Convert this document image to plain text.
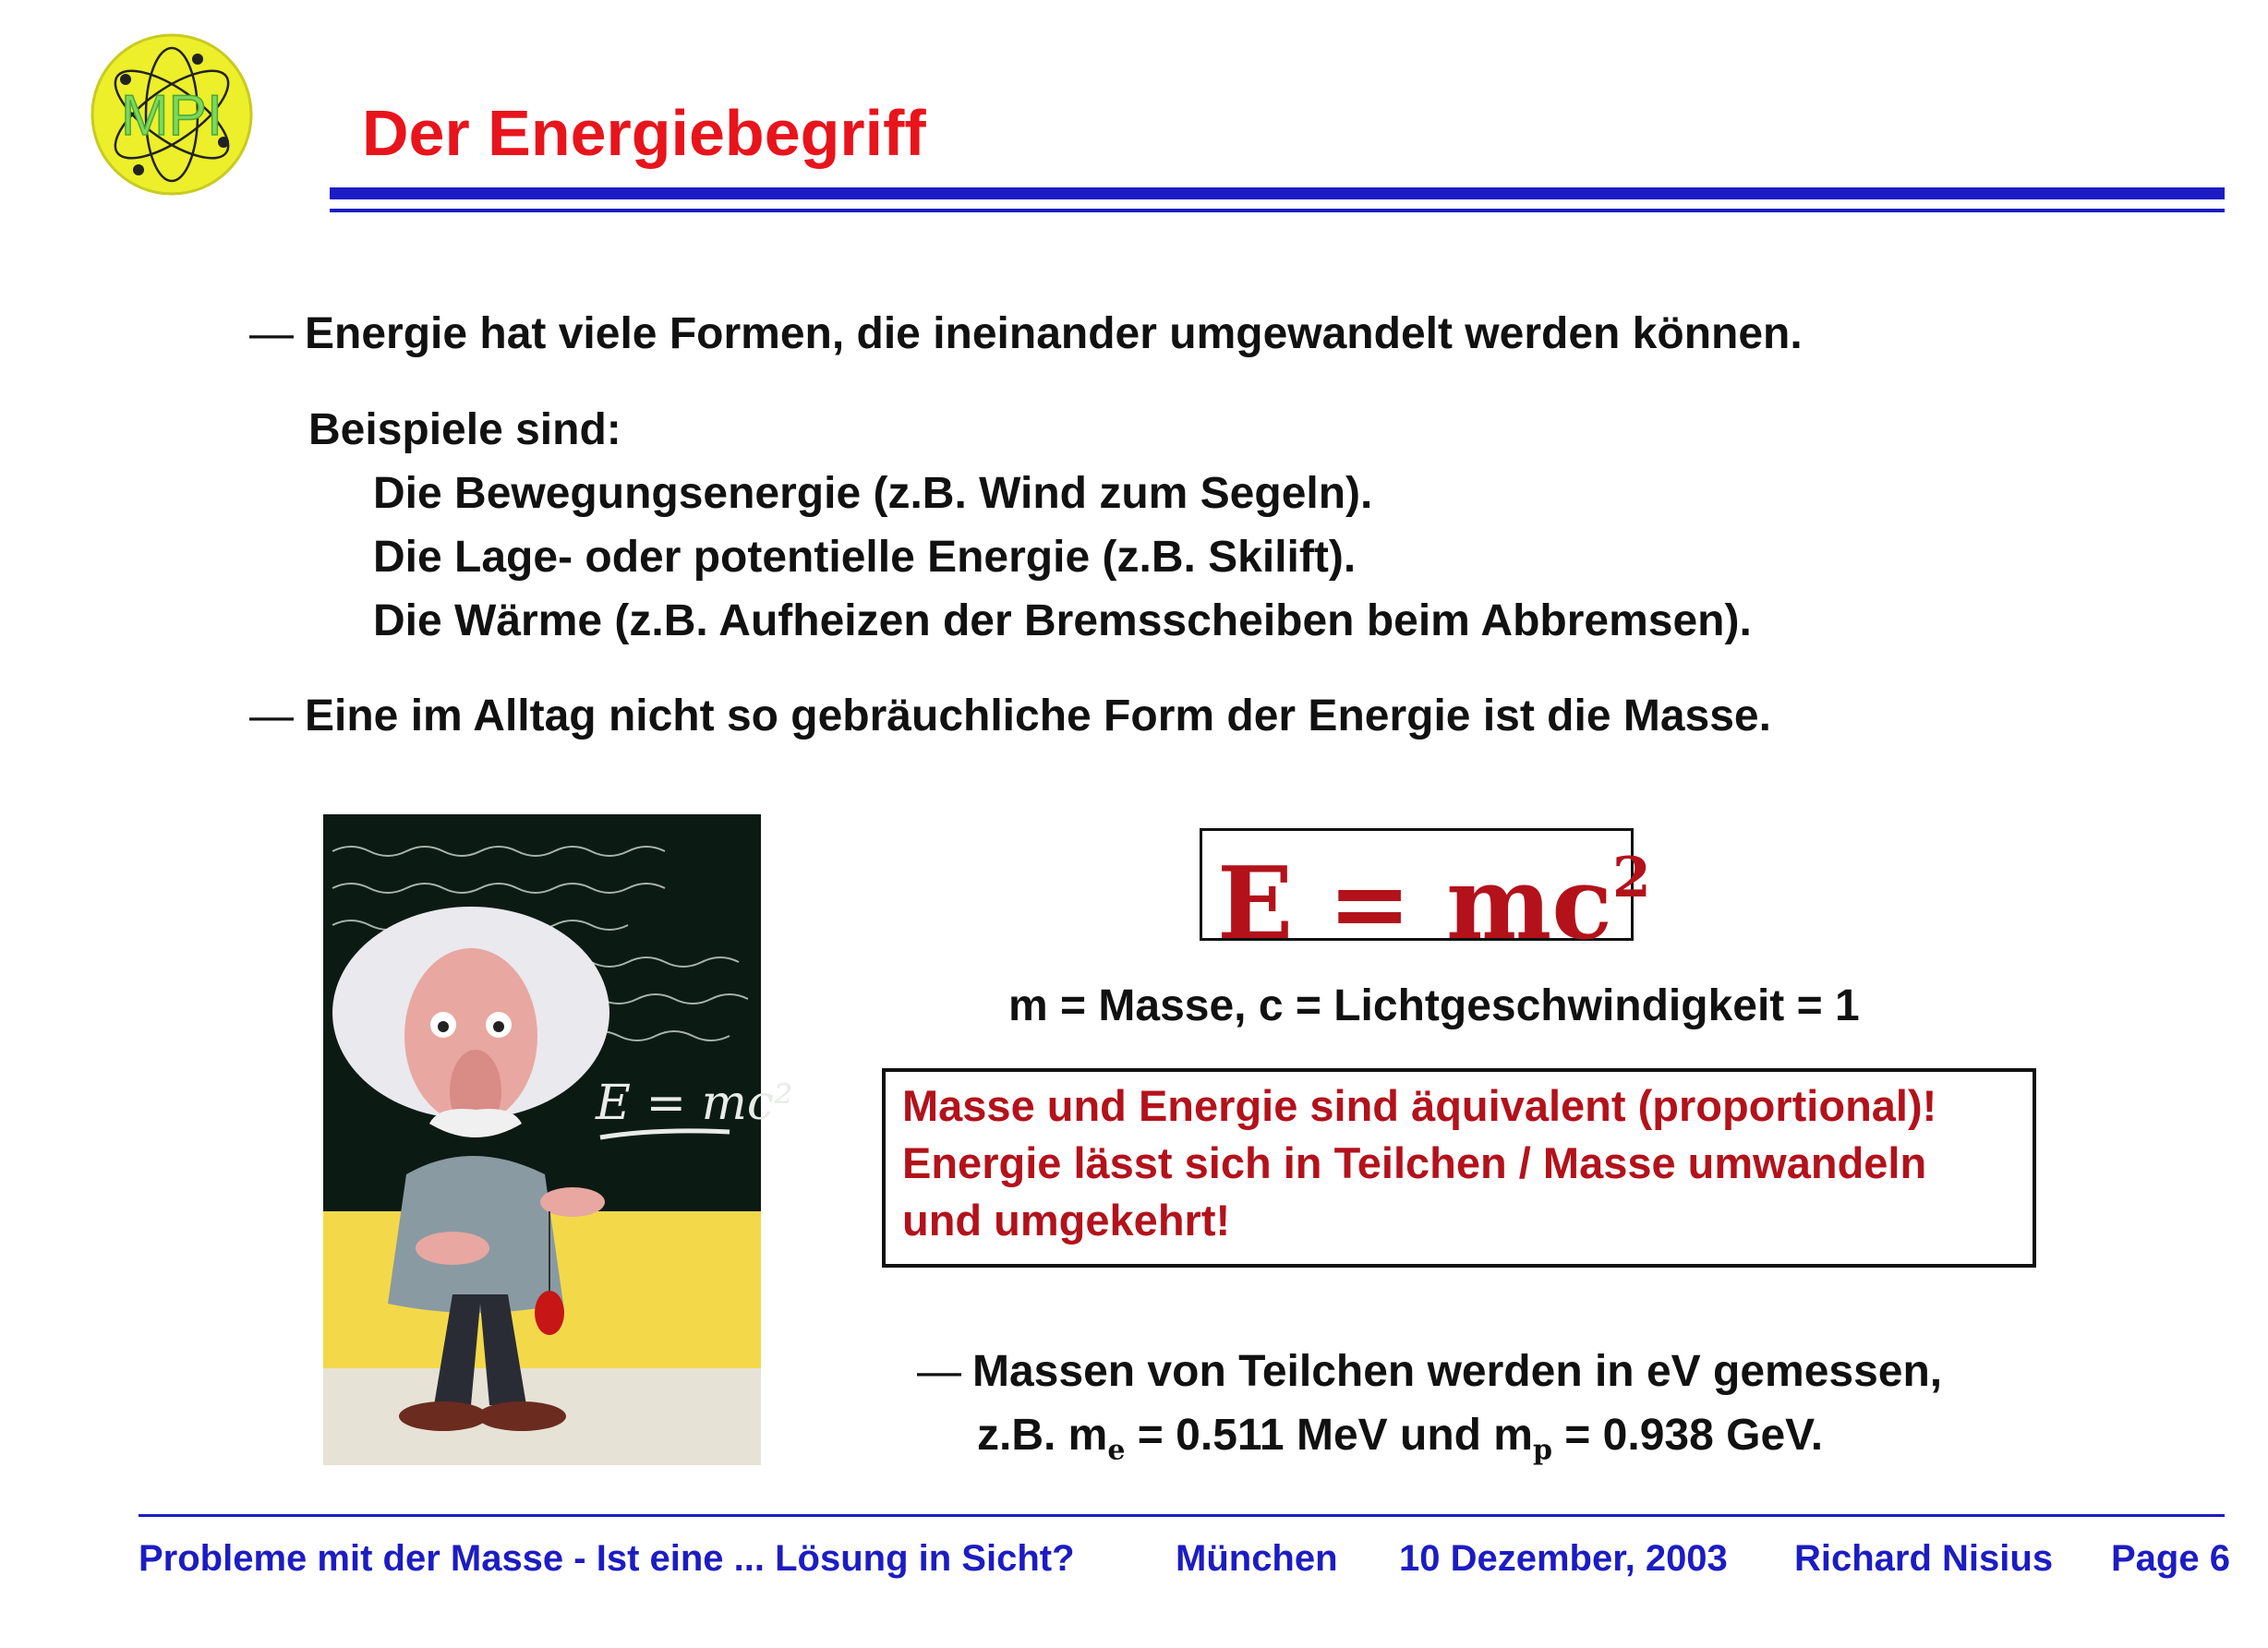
MPI Der Energiebegriff
— Energie hat viele Formen, die ineinander umgewandelt werden können.
Beispiele sind:
Die Bewegungsenergie (z.B. Wind zum Segeln).
Die Lage- oder potentielle Energie (z.B. Skilift).
Die Wärme (z.B. Aufheizen der Bremsscheiben beim Abbremsen).
— Eine im Alltag nicht so gebräuchliche Form der Energie ist die Masse.
E = mc²
$E = mc^2$
m = Masse, c = Lichtgeschwindigkeit = 1
Masse und Energie sind äquivalent (proportional)!
Energie lässt sich in Teilchen / Masse umwandeln
und umgekehrt!
— Massen von Teilchen werden in eV gemessen,
z.B. $m_e = 0.511$ MeV und $m_p = 0.938$ GeV.
Probleme mit der Masse - Ist eine ... Lösung in Sicht?	München 10 Dezember, 2003 Richard Nisius Page 6
